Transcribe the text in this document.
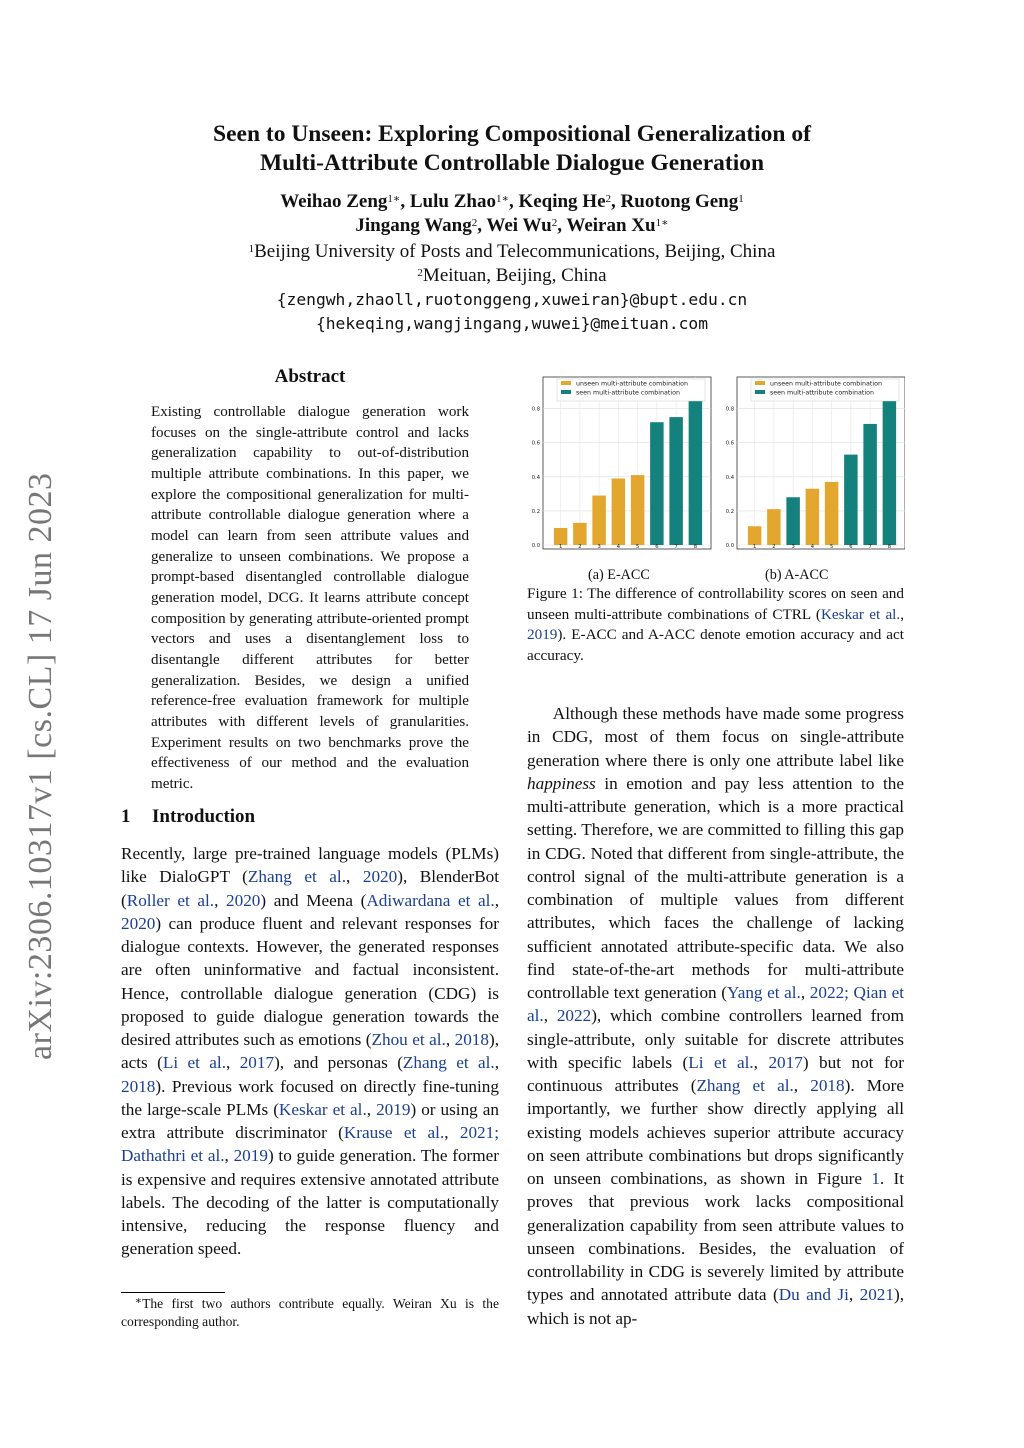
arXiv:2306.10317v1 [cs.CL] 17 Jun 2023
Seen to Unseen: Exploring Compositional Generalization of
Multi-Attribute Controllable Dialogue Generation
Weihao Zeng$^{1∗}$, Lulu Zhao$^{1∗}$, Keqing He$^2$, Ruotong Geng$^1$
Jingang Wang$^2$, Wei Wu$^2$, Weiran $Xu^{1∗}$
$^1$Beijing University of Posts and Telecommunications, Beijing, China
$^2$Meituan, Beijing, China
{zengwh,zhaoll,ruotonggeng,xuweiran}@bupt.edu.cn
{hekeqing,wangjingang,wuwei}@meituan.com
Abstract
Existing controllable dialogue generation work focuses on the single-attribute control and lacks generalization capability to out-of-distribution multiple attribute combinations. In this paper, we explore the compositional generalization for multi-attribute controllable dialogue generation where a model can learn from seen attribute values and generalize to unseen combinations. We propose a prompt-based disentangled controllable dialogue generation model, DCG. It learns attribute concept composition by generating attribute-oriented prompt vectors and uses a disentanglement loss to disentangle different attributes for better generalization. Besides, we design a unified reference-free evaluation framework for multiple attributes with different levels of granularities. Experiment results on two benchmarks prove the effectiveness of our method and the evaluation metric.
1 Introduction
Recently, large pre-trained language models (PLMs) like DialoGPT (Zhang et al., 2020), BlenderBot (Roller et al., 2020) and Meena (Adiwardana et al., 2020) can produce fluent and relevant responses for dialogue contexts. However, the generated responses are often uninformative and factual inconsistent. Hence, controllable dialogue generation (CDG) is proposed to guide dialogue generation towards the desired attributes such as emotions (Zhou et al., 2018), acts (Li et al., 2017), and personas (Zhang et al., 2018). Previous work focused on directly fine-tuning the large-scale PLMs (Keskar et al., 2019) or using an extra attribute discriminator (Krause et al., 2021; Dathathri et al., 2019) to guide generation. The former is expensive and requires extensive annotated attribute labels. The decoding of the latter is computationally intensive, reducing the response fluency and generation speed.
 ∗The first two authors contribute equally. Weiran Xu is the corresponding author.
0.0
0.2
0.4
0.6
0.8
1	2	3	4	5	6	7	8
unseen multi-attribute combination
seen multi-attribute combination
0.0
0.2
0.4
0.6
0.8
1	2	3	4	5	6	7	8
unseen multi-attribute combination
seen multi-attribute combination
(a) E-ACC	(b) A-ACC
Figure 1: The difference of controllability scores on seen and unseen multi-attribute combinations of CTRL (Keskar et al., 2019). E-ACC and A-ACC denote emotion accuracy and act accuracy.
  Although these methods have made some progress in CDG, most of them focus on single-attribute generation where there is only one attribute label like happiness in emotion and pay less attention to the multi-attribute generation, which is a more practical setting. Therefore, we are committed to filling this gap in CDG. Noted that different from single-attribute, the control signal of the multi-attribute generation is a combination of multiple values from different attributes, which faces the challenge of lacking sufficient annotated attribute-specific data. We also find state-of-the-art methods for multi-attribute controllable text generation (Yang et al., 2022; Qian et al., 2022), which combine controllers learned from single-attribute, only suitable for discrete attributes with specific labels (Li et al., 2017) but not for continuous attributes (Zhang et al., 2018). More importantly, we further show directly applying all existing models achieves superior attribute accuracy on seen attribute combinations but drops significantly on unseen combinations, as shown in Figure 1. It proves that previous work lacks compositional generalization capability from seen attribute values to unseen combinations. Besides, the evaluation of controllability in CDG is severely limited by attribute types and annotated attribute data (Du and Ji, 2021), which is not ap-
